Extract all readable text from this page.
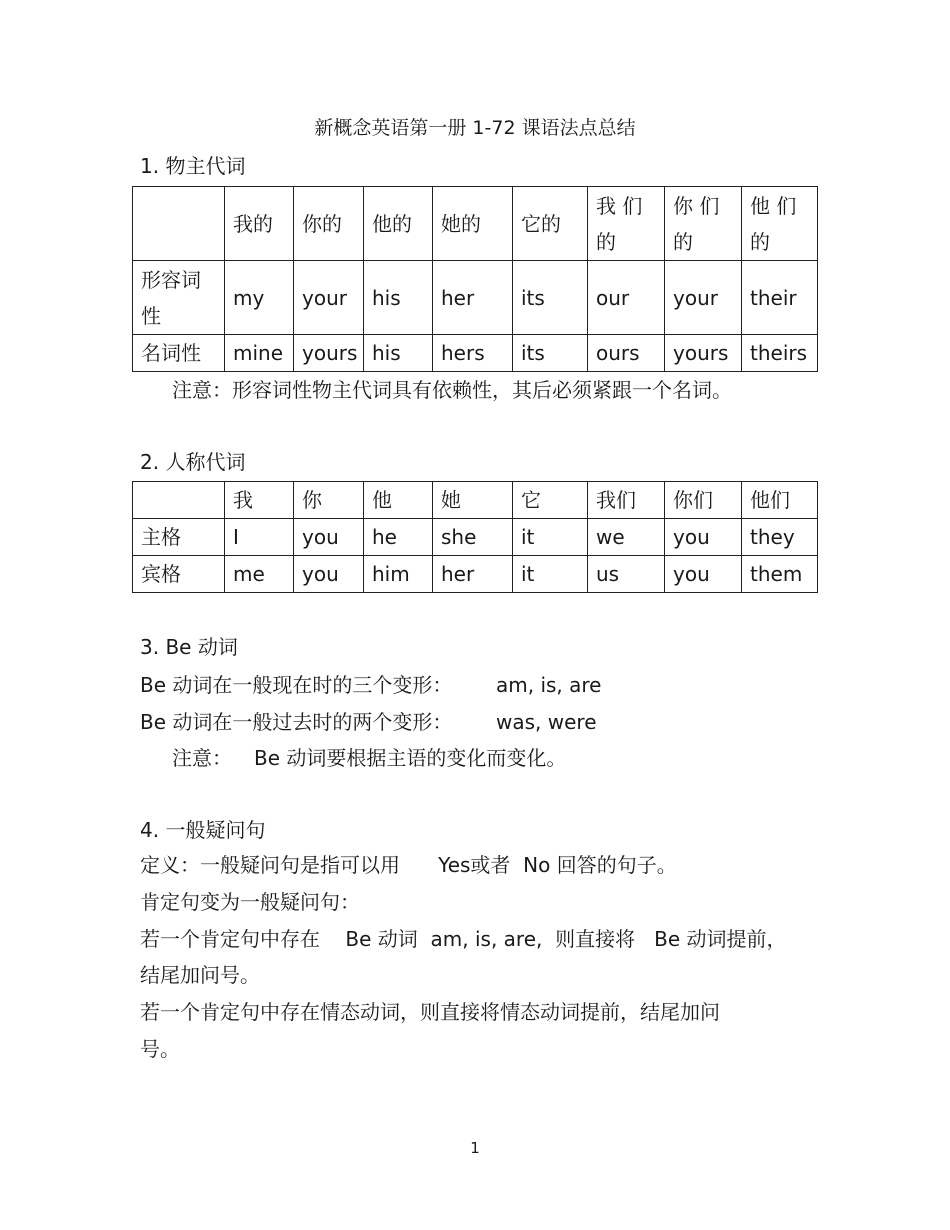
新概念英语第一册 1-72 课语法点总结
1. 物主代词
	我的	你的	他的	她的	它的	我 们的	你 们的	他 们的
形容词性	my	your	his	her	its	our	your	their
名词性	mine	yours	his	hers	its	ours	yours	theirs
注意：形容词性物主代词具有依赖性，其后必须紧跟一个名词。
2. 人称代词
	我	你	他	她	它	我们	你们	他们
主格	I	you	he	she	it	we	you	they
宾格	me	you	him	her	it	us	you	them
3. Be 动词
Be 动词在一般现在时的三个变形： am, is, are
Be 动词在一般过去时的两个变形： was, were
注意： Be 动词要根据主语的变化而变化。
4. 一般疑问句
定义：一般疑问句是指可以用      Yes或者  No 回答的句子。
肯定句变为一般疑问句：
若一个肯定句中存在    Be 动词  am, is, are,  则直接将   Be 动词提前，
结尾加问号。
若一个肯定句中存在情态动词，则直接将情态动词提前，结尾加问
号。
1
